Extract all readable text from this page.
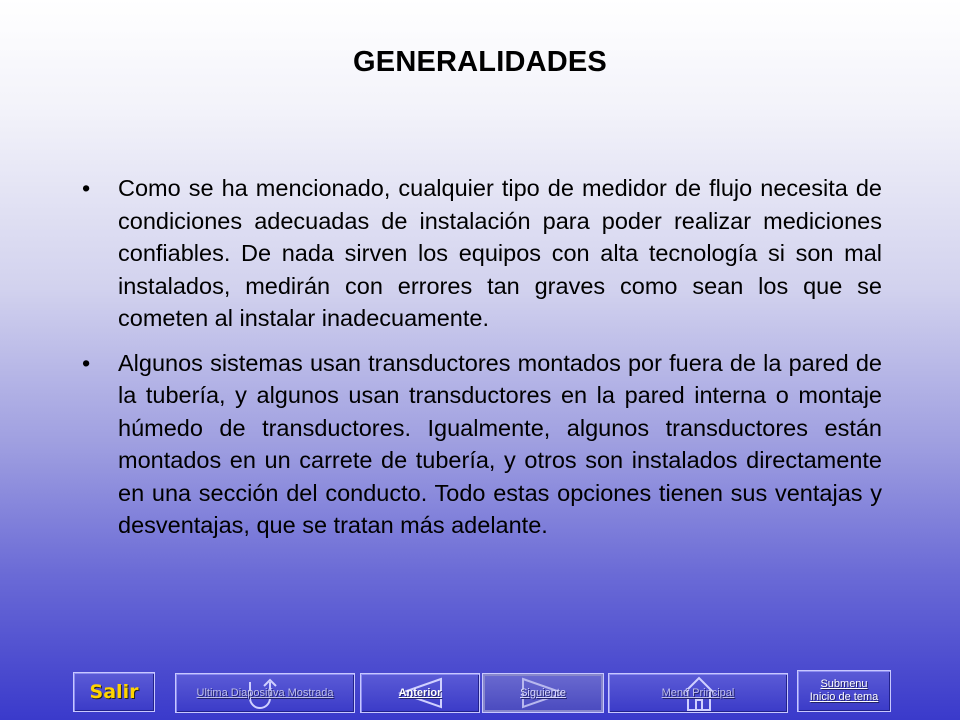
GENERALIDADES
•	Como se ha mencionado, cualquier tipo de medidor de flujo necesita de condiciones adecuadas de instalación para poder realizar mediciones confiables. De nada sirven los equipos con alta tecnología si son mal instalados, medirán con errores tan graves como sean los que se cometen al instalar inadecuamente.
•	Algunos sistemas usan transductores montados por fuera de la pared de la tubería, y algunos usan transductores en la pared interna o montaje húmedo de transductores. Igualmente, algunos transductores están montados en un carrete de tubería, y otros son instalados directamente en una sección del conducto. Todo estas opciones tienen sus ventajas y desventajas, que se tratan más adelante.
Salir	Ultima Diapositiva Mostrada	Anterior	Siguiente	Menú Principal
Submenu
Inicio de tema
